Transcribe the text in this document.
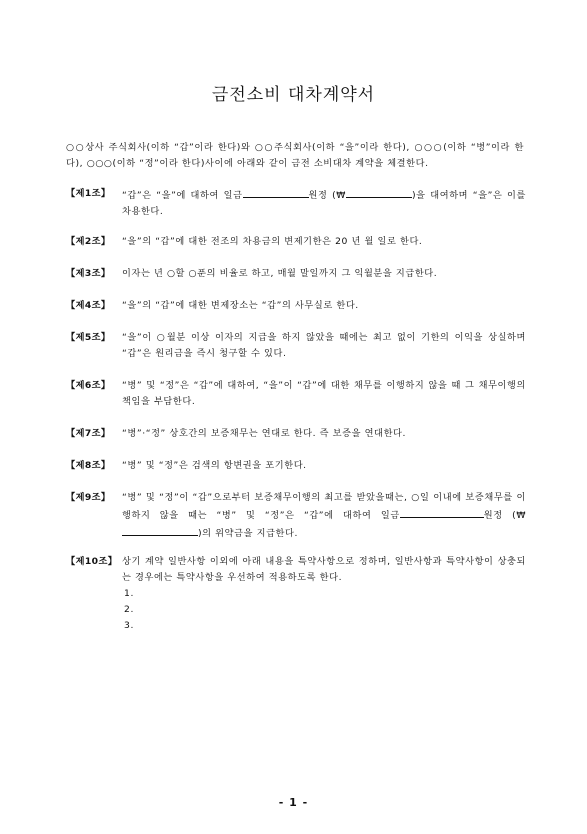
금전소비 대차계약서
○○상사 주식회사(이하 “갑”이라 한다)와 ○○주식회사(이하 “을”이라 한다), ○○○(이하 “병”이라 한다), ○○○(이하 “정”이라 한다)사이에 아래와 같이 금전 소비대차 계약을 체결한다.
【제1조】	“갑”은 “을”에 대하여 일금	원정 (₩	)을 대여하며 “을”은 이를 차용한다.
【제2조】	“을”의 “갑”에 대한 전조의 차용금의 변제기한은 20 년 월 일로 한다.
【제3조】	이자는 년 ○할 ○푼의 비율로 하고, 매월 말일까지 그 익월분을 지급한다.
【제4조】	“을”의 “갑”에 대한 변제장소는 “갑”의 사무실로 한다.
【제5조】	“을”이 ○월분 이상 이자의 지급을 하지 않았을 때에는 최고 없이 기한의 이익을 상실하며 “갑”은 원리금을 즉시 청구할 수 있다.
【제6조】	“병” 및 “정”은 “갑”에 대하여, “을”이 “갑”에 대한 채무를 이행하지 않을 때 그 채무이행의 책임을 부담한다.
【제7조】	“병”·“정” 상호간의 보증채무는 연대로 한다. 즉 보증을 연대한다.
【제8조】	“병” 및 “정”은 검색의 항변권을 포기한다.
【제9조】	“병” 및 “정”이 “갑”으로부터 보증채무이행의 최고를 받았을때는, ○일 이내에 보증채무를 이행하지 않을 때는 “병” 및 “정”은 “갑”에 대하여 일금	원정 (₩)의 위약금을 지급한다.
【제10조】 상기 계약 일반사항 이외에 아래 내용을 특약사항으로 정하며, 일반사항과 특약사항이 상충되는 경우에는 특약사항을 우선하여 적용하도록 한다.
1.
2.
3.
- 1 -
